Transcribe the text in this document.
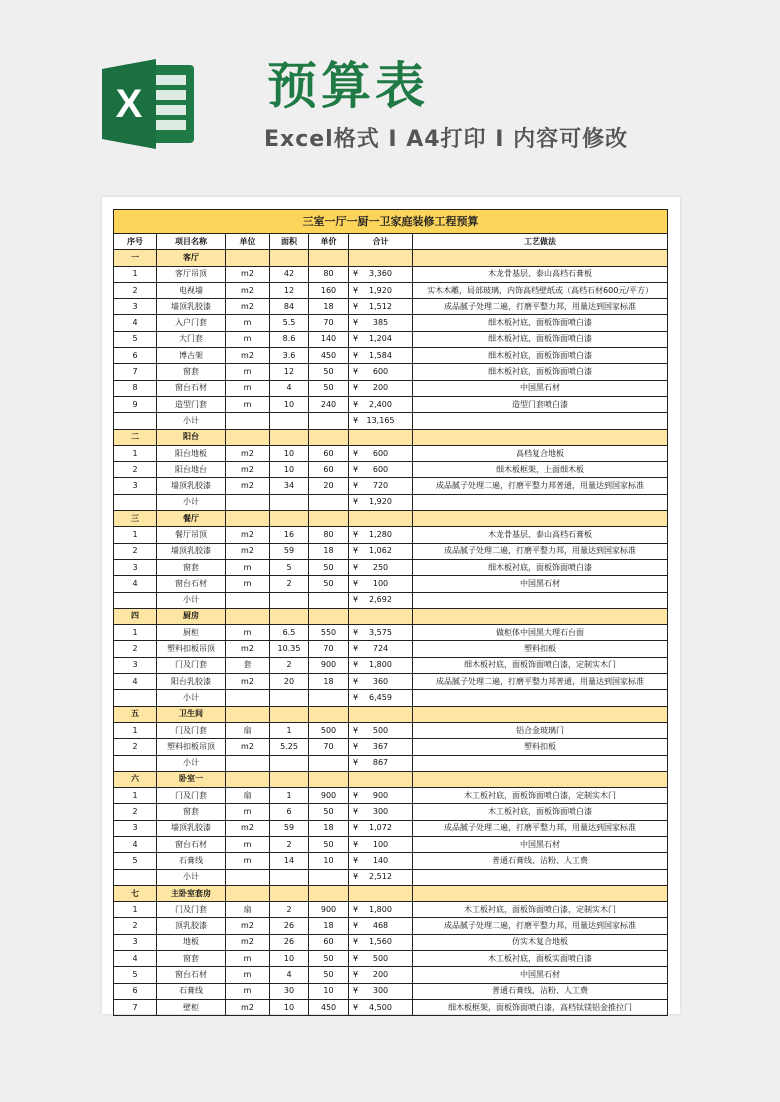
X 预算表
Excel格式 I A4打印 I 内容可修改
三室一厅一厨一卫家庭装修工程预算						
序号	项目名称	单位	面积	单价	合计	工艺做法
一	客厅					
1	客厅吊顶	m2	42	80	¥ 3,360	木龙骨基层、泰山高档石膏板
2	电视墙	m2	12	160	¥ 1,920	实木木雕，局部玻璃，内饰高档壁纸或（高档石材600元/平方）
3	墙顶乳胶漆	m2	84	18	¥ 1,512	成品腻子处理二遍，打磨平整力邦，用量达到国家标准
4	入户门套	m	5.5	70	¥ 385	细木板衬底，面板饰面喷白漆
5	大门套	m	8.6	140	¥ 1,204	细木板衬底，面板饰面喷白漆
6	博古架	m2	3.6	450	¥ 1,584	细木板衬底，面板饰面喷白漆
7	窗套	m	12	50	¥ 600	细木板衬底，面板饰面喷白漆
8	窗台石材	m	4	50	¥ 200	中国黑石材
9	造型门套	m	10	240	¥ 2,400	造型门套喷白漆
	小计				¥ 13,165	
二	阳台					
1	阳台地板	m2	10	60	¥ 600	高档复合地板
2	阳台地台	m2	10	60	¥ 600	细木板框架，上面细木板
3	墙顶乳胶漆	m2	34	20	¥ 720	成品腻子处理二遍，打磨平整力邦普通，用量达到国家标准
	小计				¥ 1,920	
三	餐厅					
1	餐厅吊顶	m2	16	80	¥ 1,280	木龙骨基层、泰山高档石膏板
2	墙顶乳胶漆	m2	59	18	¥ 1,062	成品腻子处理二遍，打磨平整力邦，用量达到国家标准
3	窗套	m	5	50	¥ 250	细木板衬底，面板饰面喷白漆
4	窗台石材	m	2	50	¥ 100	中国黑石材
	小计				¥ 2,692	
四	厨房					
1	厨柜	m	6.5	550	¥ 3,575	做柜体中国黑大理石台面
2	塑料扣板吊顶	m2	10.35	70	¥ 724	塑料扣板
3	门及门套	套	2	900	¥ 1,800	细木板衬底，面板饰面喷白漆，定制实木门
4	阳台乳胶漆	m2	20	18	¥ 360	成品腻子处理二遍，打磨平整力邦普通，用量达到国家标准
	小计				¥ 6,459	
五	卫生间					
1	门及门套	扇	1	500	¥ 500	铝合金玻璃门
2	塑料扣板吊顶	m2	5.25	70	¥ 367	塑料扣板
	小计				¥ 867	
六	卧室一					
1	门及门套	扇	1	900	¥ 900	木工板衬底，面板饰面喷白漆，定制实木门
2	窗套	m	6	50	¥ 300	木工板衬底，面板饰面喷白漆
3	墙顶乳胶漆	m2	59	18	¥ 1,072	成品腻子处理二遍，打磨平整力邦，用量达到国家标准
4	窗台石材	m	2	50	¥ 100	中国黑石材
5	石膏线	m	14	10	¥ 140	普通石膏线、沾粉、人工费
	小计				¥ 2,512	
七	主卧室套房					
1	门及门套	扇	2	900	¥ 1,800	木工板衬底，面板饰面喷白漆，定制实木门
2	顶乳胶漆	m2	26	18	¥ 468	成品腻子处理二遍，打磨平整力邦，用量达到国家标准
3	地板	m2	26	60	¥ 1,560	仿实木复合地板
4	窗套	m	10	50	¥ 500	木工板衬底，面板实面喷白漆
5	窗台石材	m	4	50	¥ 200	中国黑石材
6	石膏线	m	30	10	¥ 300	普通石膏线、沾粉、人工费
7	壁柜	m2	10	450	¥ 4,500	细木板框架，面板饰面喷白漆，高档钛镁铝金推拉门
